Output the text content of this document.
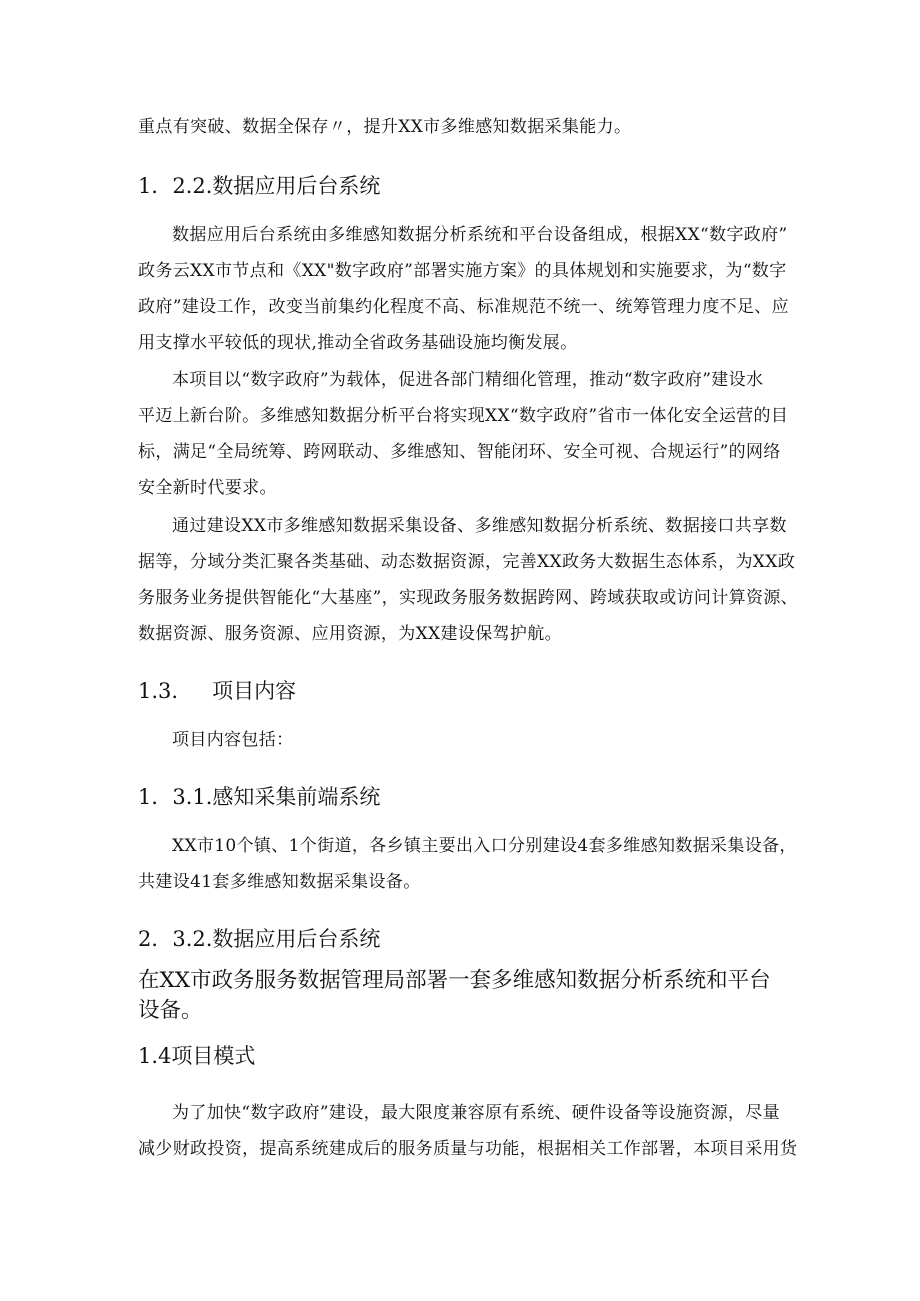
重点有突破、数据全保存〃，提升XX市多维感知数据采集能力。
1．2.2.数据应用后台系统
数据应用后台系统由多维感知数据分析系统和平台设备组成，根据XX“数字政府”
政务云XX市节点和《XX"数字政府”部署实施方案》的具体规划和实施要求，为“数字
政府”建设工作，改变当前集约化程度不高、标准规范不统一、统筹管理力度不足、应
用支撑水平较低的现状,推动全省政务基础设施均衡发展。
本项目以“数字政府”为载体，促进各部门精细化管理，推动“数字政府”建设水
平迈上新台阶。多维感知数据分析平台将实现XX“数字政府”省市一体化安全运营的目
标，满足“全局统筹、跨网联动、多维感知、智能闭环、安全可视、合规运行”的网络
安全新时代要求。
通过建设XX市多维感知数据采集设备、多维感知数据分析系统、数据接口共享数
据等，分域分类汇聚各类基础、动态数据资源，完善XX政务大数据生态体系，为XX政
务服务业务提供智能化“大基座”，实现政务服务数据跨网、跨域获取或访问计算资源、
数据资源、服务资源、应用资源，为XX建设保驾护航。
1.3. 项目内容
项目内容包括：
1．3.1.感知采集前端系统
XX市10个镇、1个街道，各乡镇主要出入口分别建设4套多维感知数据采集设备，
共建设41套多维感知数据采集设备。
2．3.2.数据应用后台系统
在XX市政务服务数据管理局部署一套多维感知数据分析系统和平台
设备。
1.4项目模式
为了加快“数字政府”建设，最大限度兼容原有系统、硬件设备等设施资源，尽量
减少财政投资，提高系统建成后的服务质量与功能，根据相关工作部署，本项目采用货
